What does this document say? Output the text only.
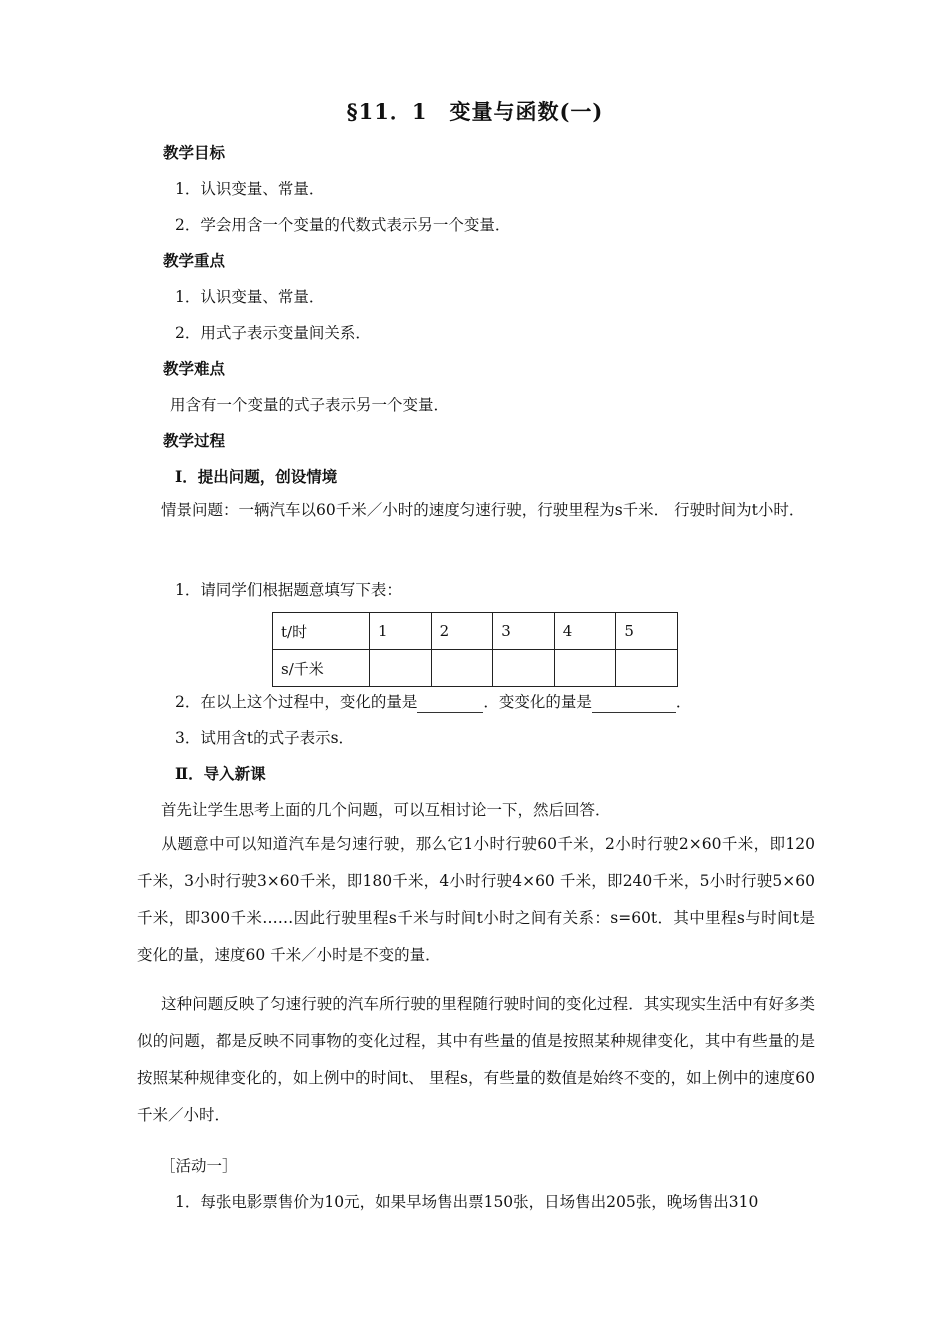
§11．1　变量与函数(一)
教学目标
1．认识变量、常量．
2．学会用含一个变量的代数式表示另一个变量．
教学重点
1．认识变量、常量．
2．用式子表示变量间关系．
教学难点
用含有一个变量的式子表示另一个变量．
教学过程
Ⅰ．提出问题，创设情境
情景问题：一辆汽车以60千米／小时的速度匀速行驶，行驶里程为s千米． 行驶时间为t小时．
1．请同学们根据题意填写下表：
t/时	1	2	3	4	5
s/千米					
2．在以上这个过程中，变化的量是	．变变化的量是	．
3．试用含t的式子表示s．
Ⅱ．导入新课
首先让学生思考上面的几个问题，可以互相讨论一下，然后回答．
从题意中可以知道汽车是匀速行驶，那么它1小时行驶60千米，2小时行驶2×60千米，即120千米，3小时行驶3×60千米，即180千米，4小时行驶4×60 千米，即240千米，5小时行驶5×60千米，即300千米……因此行驶里程s千米与时间t小时之间有关系：s=60t．其中里程s与时间t是变化的量，速度60 千米／小时是不变的量．
这种问题反映了匀速行驶的汽车所行驶的里程随行驶时间的变化过程．其实现实生活中有好多类似的问题，都是反映不同事物的变化过程，其中有些量的值是按照某种规律变化，其中有些量的是按照某种规律变化的，如上例中的时间t、 里程s，有些量的数值是始终不变的，如上例中的速度60千米／小时．
［活动一］
1．每张电影票售价为10元，如果早场售出票150张，日场售出205张，晚场售出310
